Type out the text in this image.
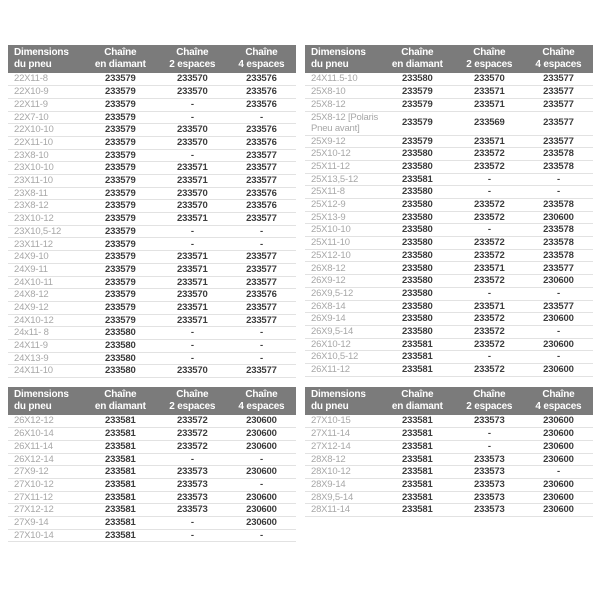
Dimensions
du pneu

Chaîne
en diamant

Chaîne
2 espaces

Chaîne
4 espaces

22X11-8	233579	233570	233576
22X10-9	233579	233570	233576
22X11-9	233579	-	233576
22X7-10	233579	-	-
22X10-10	233579	233570	233576
22X11-10	233579	233570	233576
23X8-10	233579	-	233577
23X10-10	233579	233571	233577
23X11-10	233579	233571	233577
23X8-11	233579	233570	233576
23X8-12	233579	233570	233576
23X10-12	233579	233571	233577
23X10,5-12	233579	-	-
23X11-12	233579	-	-
24X9-10	233579	233571	233577
24X9-11	233579	233571	233577
24X10-11	233579	233571	233577
24X8-12	233579	233570	233576
24X9-12	233579	233571	233577
24X10-12	233579	233571	233577
24x11- 8	233580	-	-
24X11-9	233580	-	-
24X13-9	233580	-	-
24X11-10	233580	233570	233577
Dimensions
du pneu

Chaîne
en diamant

Chaîne
2 espaces

Chaîne
4 espaces

24X11.5-10	233580	233570	233577
25X8-10	233579	233571	233577
25X8-12	233579	233571	233577
25X8-12 [Polaris Pneu avant]	233579	233569	233577
25X9-12	233579	233571	233577
25X10-12	233580	233572	233578
25X11-12	233580	233572	233578
25X13,5-12	233581	-	-
25X11-8	233580	-	-
25X12-9	233580	233572	233578
25X13-9	233580	233572	230600
25X10-10	233580	-	233578
25X11-10	233580	233572	233578
25X12-10	233580	233572	233578
26X8-12	233580	233571	233577
26X9-12	233580	233572	230600
26X9,5-12	233580	-	-
26X8-14	233580	233571	233577
26X9-14	233580	233572	230600
26X9,5-14	233580	233572	-
26X10-12	233581	233572	230600
26X10,5-12	233581	-	-
26X11-12	233581	233572	230600
Dimensions
du pneu

Chaîne
en diamant

Chaîne
2 espaces

Chaîne
4 espaces

26X12-12	233581	233572	230600
26X10-14	233581	233572	230600
26X11-14	233581	233572	230600
26X12-14	233581	-	-
27X9-12	233581	233573	230600
27X10-12	233581	233573	-
27X11-12	233581	233573	230600
27X12-12	233581	233573	230600
27X9-14	233581	-	230600
27X10-14	233581	-	-
Dimensions
du pneu

Chaîne
en diamant

Chaîne
2 espaces

Chaîne
4 espaces

27X10-15	233581	233573	230600
27X11-14	233581	-	230600
27X12-14	233581	-	230600
28X8-12	233581	233573	230600
28X10-12	233581	233573	-
28X9-14	233581	233573	230600
28X9,5-14	233581	233573	230600
28X11-14	233581	233573	230600
